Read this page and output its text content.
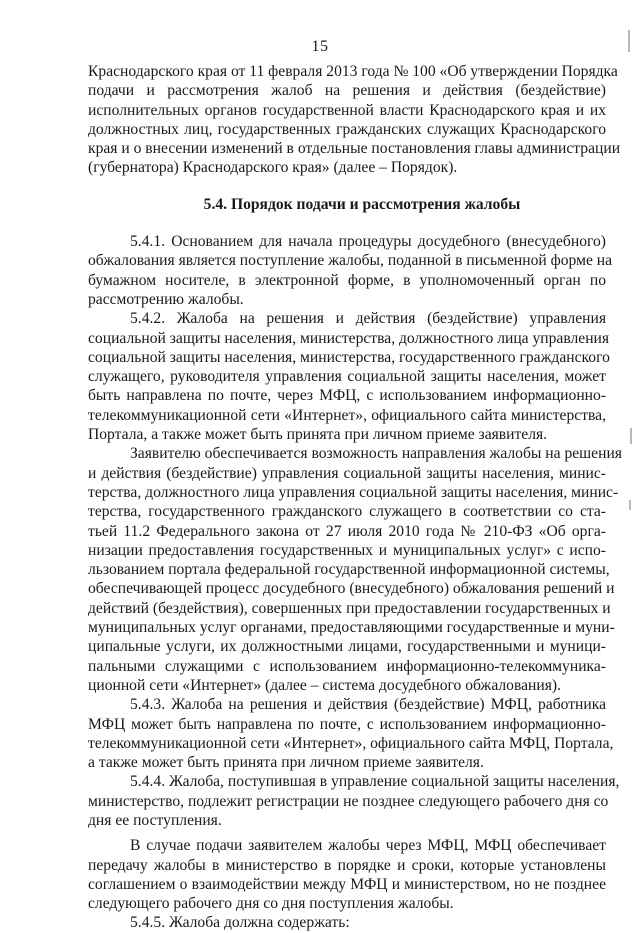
15
Краснодарского края от 11 февраля 2013 года № 100 «Об утверждении Порядка
подачи и рассмотрения жалоб на решения и действия (бездействие)
исполнительных органов государственной власти Краснодарского края и их
должностных лиц, государственных гражданских служащих Краснодарского
края и о внесении изменений в отдельные постановления главы администрации
(губернатора) Краснодарского края» (далее – Порядок).
5.4. Порядок подачи и рассмотрения жалобы
5.4.1. Основанием для начала процедуры досудебного (внесудебного)
обжалования является поступление жалобы, поданной в письменной форме на
бумажном носителе, в электронной форме, в уполномоченный орган по
рассмотрению жалобы.
5.4.2. Жалоба на решения и действия (бездействие) управления
социальной защиты населения, министерства, должностного лица управления
социальной защиты населения, министерства, государственного гражданского
служащего, руководителя управления социальной защиты населения, может
быть направлена по почте, через МФЦ, с использованием информационно-
телекоммуникационной сети «Интернет», официального сайта министерства,
Портала, а также может быть принята при личном приеме заявителя.
Заявителю обеспечивается возможность направления жалобы на решения
и действия (бездействие) управления социальной защиты населения, минис-
терства, должностного лица управления социальной защиты населения, минис-
терства, государственного гражданского служащего в соответствии со ста-
тьей 11.2 Федерального закона от 27 июля 2010 года № 210-ФЗ «Об орга-
низации предоставления государственных и муниципальных услуг» с испо-
льзованием портала федеральной государственной информационной системы,
обеспечивающей процесс досудебного (внесудебного) обжалования решений и
действий (бездействия), совершенных при предоставлении государственных и
муниципальных услуг органами, предоставляющими государственные и муни-
ципальные услуги, их должностными лицами, государственными и муници-
пальными служащими с использованием информационно-телекоммуника-
ционной сети «Интернет» (далее – система досудебного обжалования).
5.4.3. Жалоба на решения и действия (бездействие) МФЦ, работника
МФЦ может быть направлена по почте, с использованием информационно-
телекоммуникационной сети «Интернет», официального сайта МФЦ, Портала,
а также может быть принята при личном приеме заявителя.
5.4.4. Жалоба, поступившая в управление социальной защиты населения,
министерство, подлежит регистрации не позднее следующего рабочего дня со
дня ее поступления.
В случае подачи заявителем жалобы через МФЦ, МФЦ обеспечивает
передачу жалобы в министерство в порядке и сроки, которые установлены
соглашением о взаимодействии между МФЦ и министерством, но не позднее
следующего рабочего дня со дня поступления жалобы.
5.4.5. Жалоба должна содержать:
